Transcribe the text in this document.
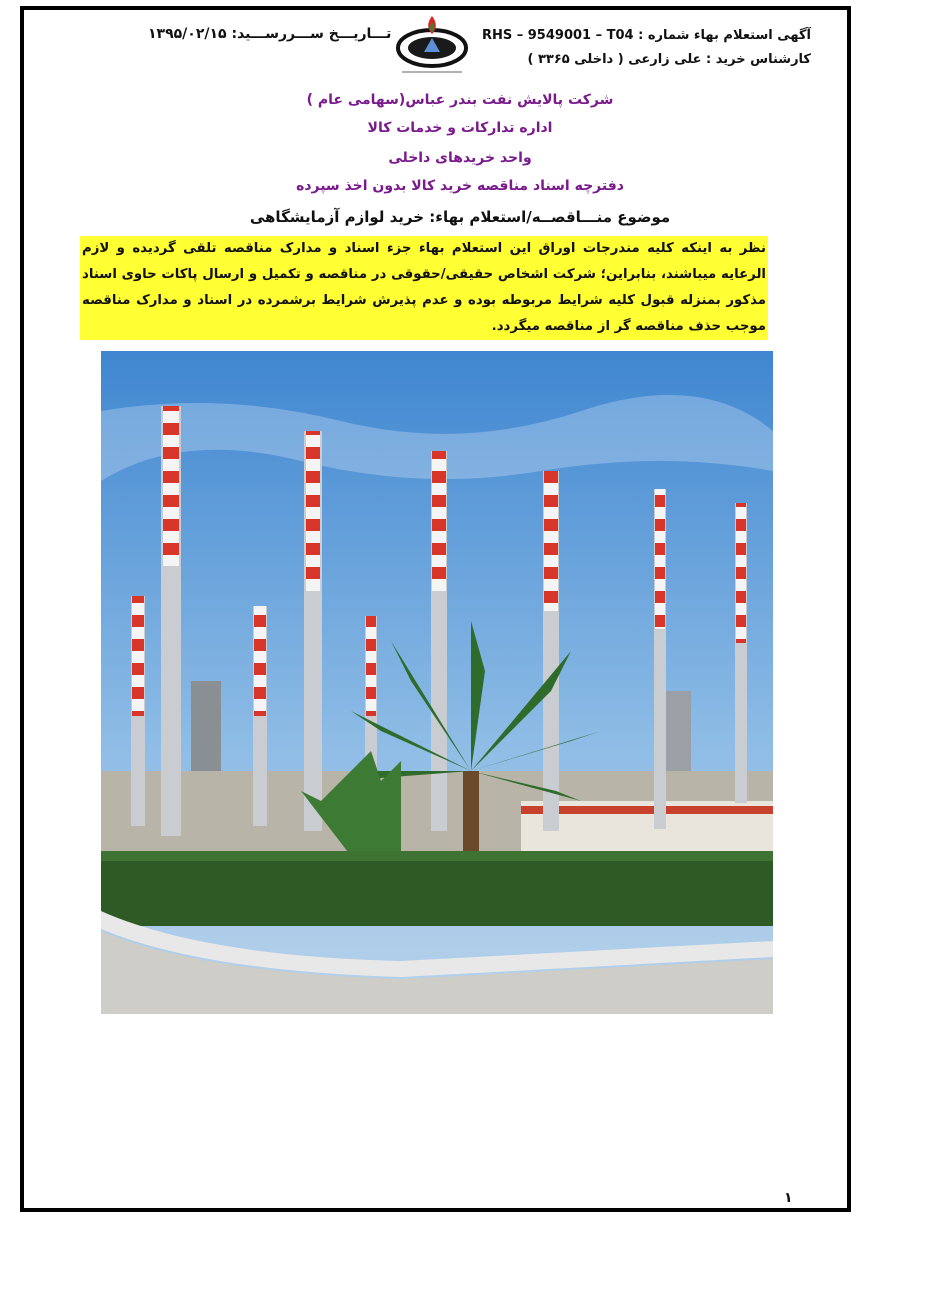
آگهی استعلام بهاء شماره : RHS – 9549001 – T04
کارشناس خرید : علی زارعی ( داخلی ۳۳۶۵ )
تـــاریـــخ ســـررســـید: ۱۳۹۵/۰۲/۱۵
شرکت پالایش نفت بندر عباس(سهامی عام )
اداره تدارکات و خدمات کالا
واحد خریدهای داخلی
دفترچه اسناد مناقصه خرید کالا بدون اخذ سپرده
موضوع منـــاقصــه/استعلام بهاء: خرید لوازم آزمایشگاهی
نظر به اینکه کلیه مندرجات اوراق این استعلام بهاء جزء اسناد و مدارک مناقصه تلقی گردیده و لازم الرعایه میباشند، بنابراین؛ شرکت اشخاص حقیقی/حقوقی در مناقصه و تکمیل و ارسال پاکات حاوی اسناد مذکور بمنزله قبول کلیه شرایط مربوطه بوده و عدم پذیرش شرایط برشمرده در اسناد و مدارک مناقصه موجب حذف مناقصه گر از مناقصه میگردد.
۱
